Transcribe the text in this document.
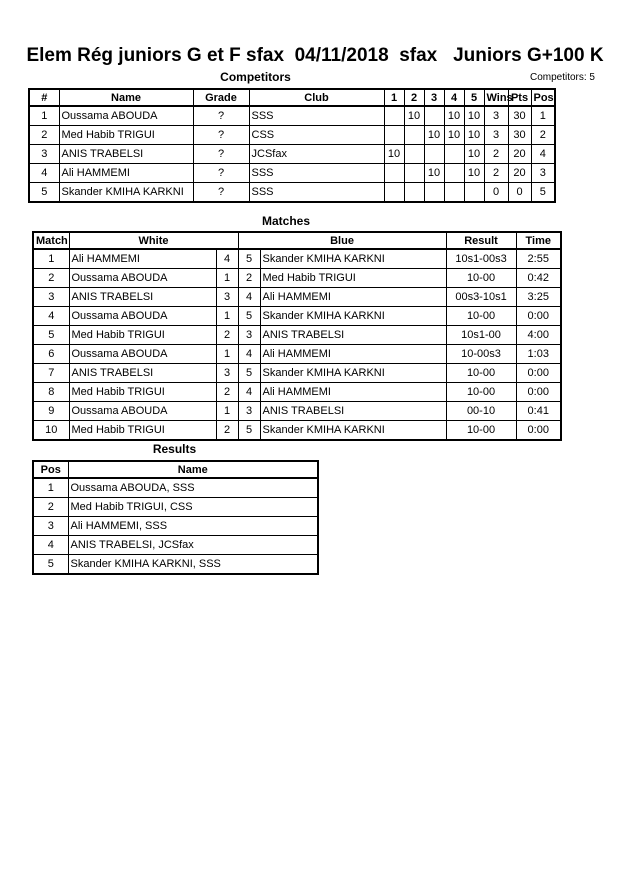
Elem Rég juniors G et F sfax  04/11/2018  sfax   Juniors G+100 K
Competitors	Competitors: 5
#	Name	Grade	Club	1	2	3	4	5	Wins	Pts	Pos
1	Oussama ABOUDA	?	SSS		10		10	10	3	30	1
2	Med Habib TRIGUI	?	CSS			10	10	10	3	30	2
3	ANIS TRABELSI	?	JCSfax	10				10	2	20	4
4	Ali HAMMEMI	?	SSS			10		10	2	20	3
5	Skander KMIHA KARKNI	?	SSS						0	0	5
Matches
Match	White		Blue		Result	Time
1	Ali HAMMEMI	4	5	Skander KMIHA KARKNI	10s1-00s3	2:55
2	Oussama ABOUDA	1	2	Med Habib TRIGUI	10-00	0:42
3	ANIS TRABELSI	3	4	Ali HAMMEMI	00s3-10s1	3:25
4	Oussama ABOUDA	1	5	Skander KMIHA KARKNI	10-00	0:00
5	Med Habib TRIGUI	2	3	ANIS TRABELSI	10s1-00	4:00
6	Oussama ABOUDA	1	4	Ali HAMMEMI	10-00s3	1:03
7	ANIS TRABELSI	3	5	Skander KMIHA KARKNI	10-00	0:00
8	Med Habib TRIGUI	2	4	Ali HAMMEMI	10-00	0:00
9	Oussama ABOUDA	1	3	ANIS TRABELSI	00-10	0:41
10	Med Habib TRIGUI	2	5	Skander KMIHA KARKNI	10-00	0:00
Results
Pos	Name
1	Oussama ABOUDA, SSS
2	Med Habib TRIGUI, CSS
3	Ali HAMMEMI, SSS
4	ANIS TRABELSI, JCSfax
5	Skander KMIHA KARKNI, SSS
